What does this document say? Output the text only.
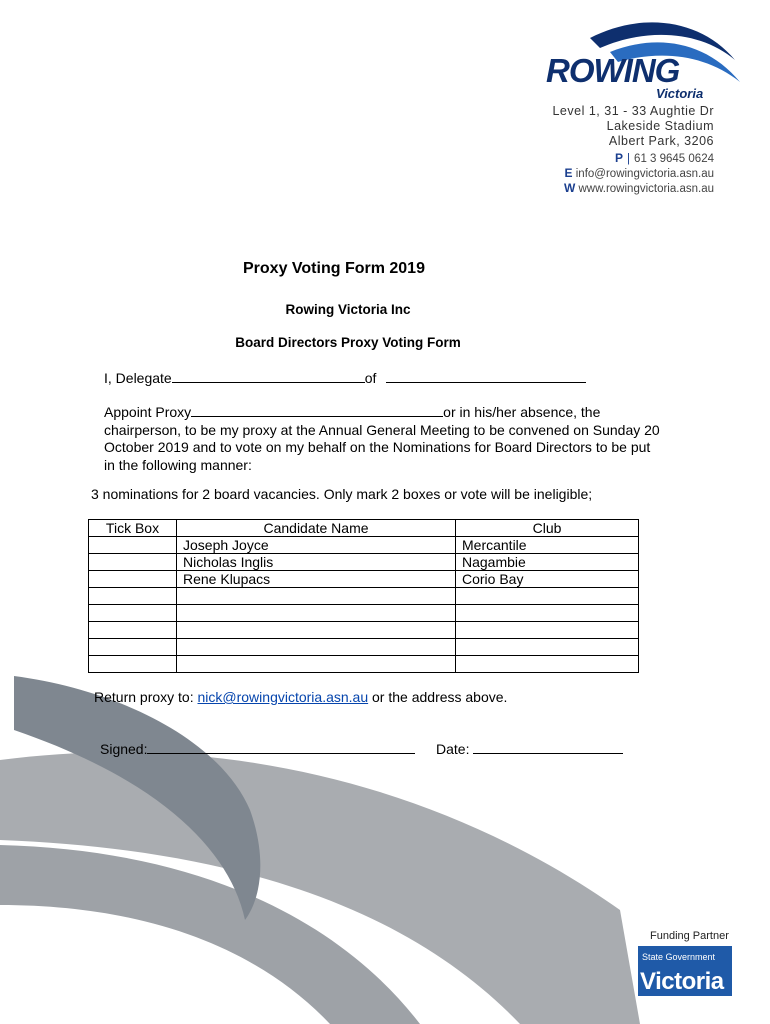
ROWING
Victoria
Level 1, 31 - 33 Aughtie Dr
Lakeside Stadium
Albert Park, 3206
P | 61 3 9645 0624
E info@rowingvictoria.asn.au
W www.rowingvictoria.asn.au
Proxy Voting Form 2019
Rowing Victoria Inc
Board Directors Proxy Voting Form
I, Delegate	of
Appoint Proxy	or in his/her absence, the chairperson, to be my proxy at the Annual General Meeting to be convened on Sunday 20 October 2019 and to vote on my behalf on the Nominations for Board Directors to be put in the following manner:
3 nominations for 2 board vacancies. Only mark 2 boxes or vote will be ineligible;
Tick Box	Candidate Name	Club
	Joseph Joyce	Mercantile
	Nicholas Inglis	Nagambie
	Rene Klupacs	Corio Bay

Return proxy to: nick@rowingvictoria.asn.au or the address above.
Signed:	Date:
Funding Partner
State Government
Victoria
